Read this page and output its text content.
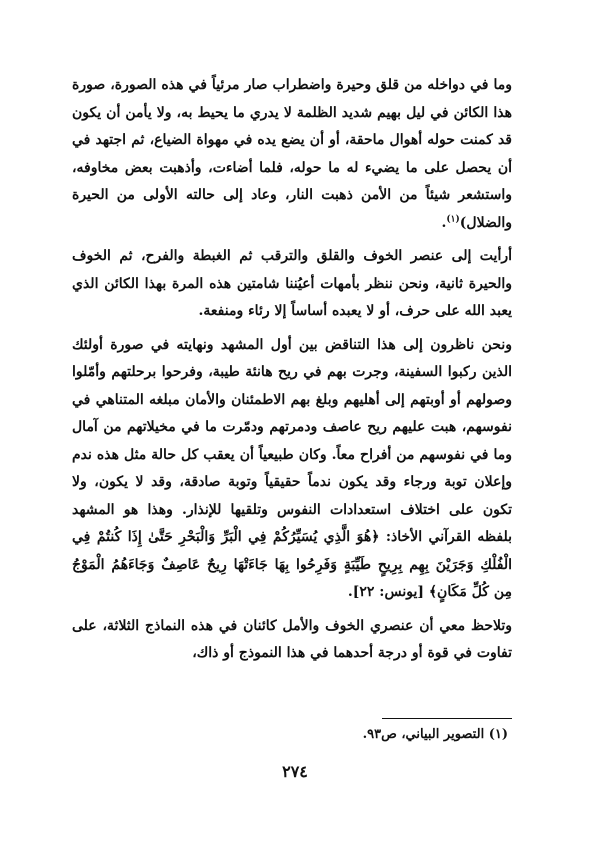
وما في دواخله من قلق وحيرة واضطراب صار مرئياً في هذه الصورة، صورة هذا الكائن في ليل بهيم شديد الظلمة لا يدري ما يحيط به، ولا يأمن أن يكون قد كمنت حوله أهوال ماحقة، أو أن يضع يده في مهواة الضياع، ثم اجتهد في أن يحصل على ما يضيء له ما حوله، فلما أضاءت، وأذهبت بعض مخاوفه، واستشعر شيئاً من الأمن ذهبت النار، وعاد إلى حالته الأولى من الحيرة والضلال)$^{(١)}$.

أرأيت إلى عنصر الخوف والقلق والترقب ثم الغبطة والفرح، ثم الخوف والحيرة ثانية، ونحن ننظر بأمهات أعيُننا شامتين هذه المرة بهذا الكائن الذي يعبد الله على حرف، أو لا يعبده أساساً إلا رئاء ومنفعة.

ونحن ناظرون إلى هذا التناقض بين أول المشهد ونهايته في صورة أولئك الذين ركبوا السفينة، وجرت بهم في ريح هانئة طيبة، وفرحوا برحلتهم وأمّلوا وصولهم أو أوبتهم إلى أهليهم وبلغ بهم الاطمئنان والأمان مبلغه المتناهي في نفوسهم، هبت عليهم ريح عاصف ودمرتهم ودمّرت ما في مخيلاتهم من آمال وما في نفوسهم من أفراح معاً. وكان طبيعياً أن يعقب كل حالة مثل هذه ندم وإعلان توبة ورجاء وقد يكون ندماً حقيقياً وتوبة صادقة، وقد لا يكون، ولا تكون على اختلاف استعدادات النفوس وتلقيها للإنذار. وهذا هو المشهد بلفظه القرآني الأخاذ: ﴿هُوَ الَّذِي يُسَيِّرُكُمْ فِي الْبَرِّ وَالْبَحْرِ حَتَّىٰ إِذَا كُنتُمْ فِي الْفُلْكِ وَجَرَيْنَ بِهِم بِرِيحٍ طَيِّبَةٍ وَفَرِحُوا بِهَا جَاءَتْهَا رِيحٌ عَاصِفٌ وَجَاءَهُمُ الْمَوْجُ مِن كُلِّ مَكَانٍ﴾ [يونس: ٢٢].

وتلاحظ معي أن عنصري الخوف والأمل كائنان في هذه النماذج الثلاثة، على تفاوت في قوة أو درجة أحدهما في هذا النموذج أو ذاك،

(١) التصوير البياني، ص٩٣.

٢٧٤
